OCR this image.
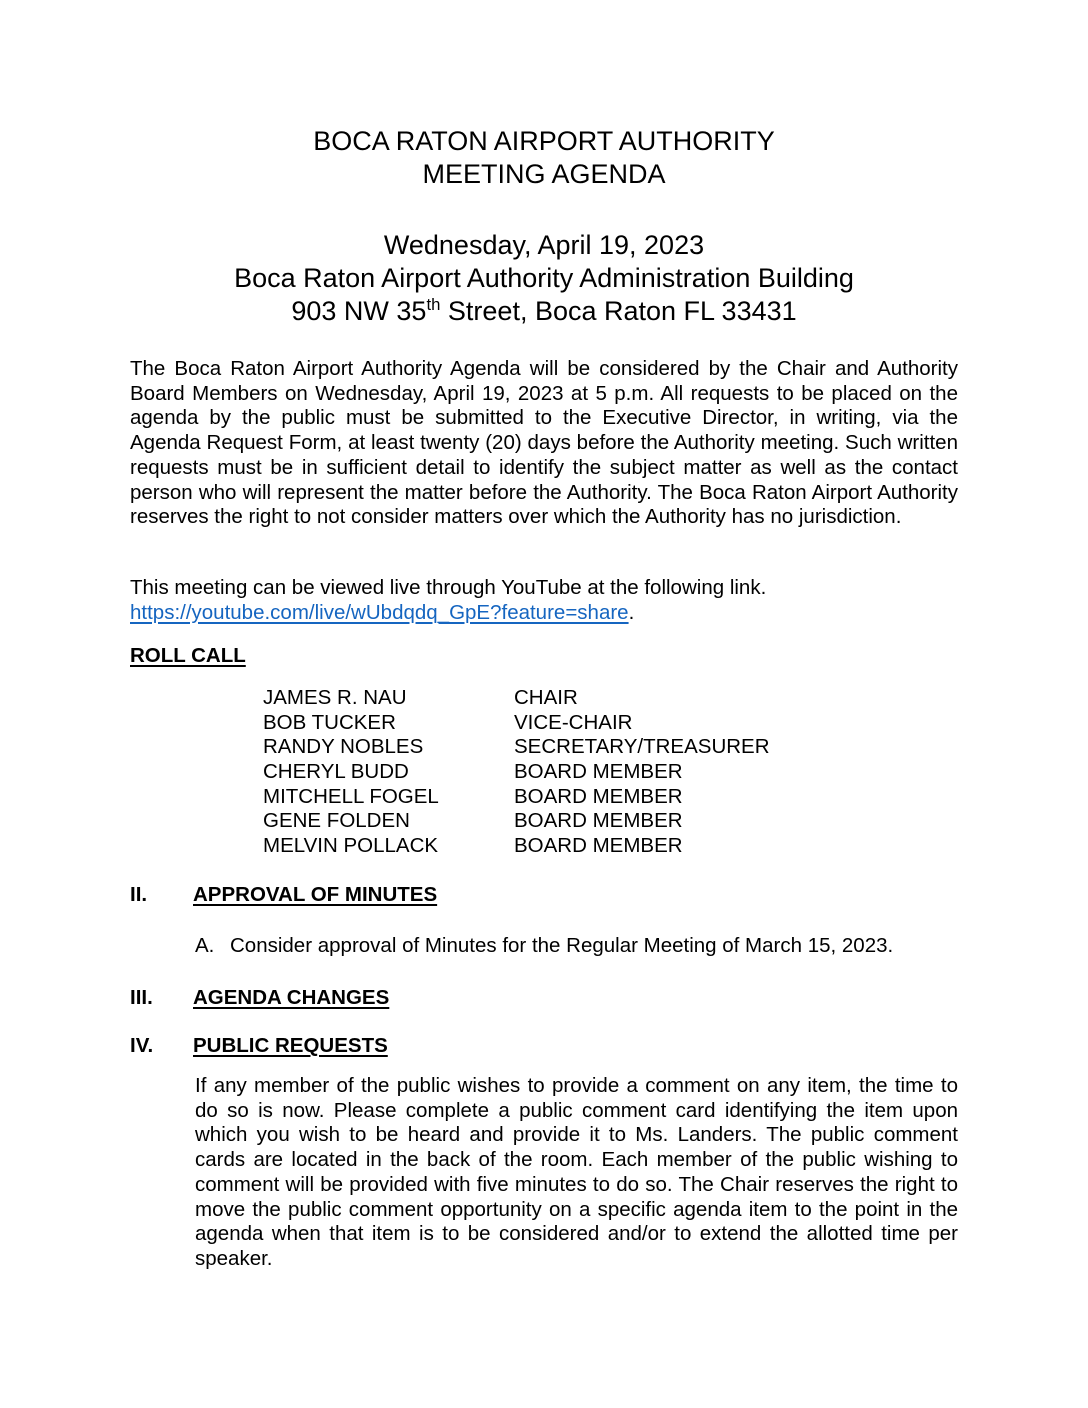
BOCA RATON AIRPORT AUTHORITY
MEETING AGENDA
Wednesday, April 19, 2023
Boca Raton Airport Authority Administration Building
903 NW 35th Street, Boca Raton FL 33431
The Boca Raton Airport Authority Agenda will be considered by the Chair and Authority Board Members on Wednesday, April 19, 2023 at 5 p.m. All requests to be placed on the agenda by the public must be submitted to the Executive Director, in writing, via the Agenda Request Form, at least twenty (20) days before the Authority meeting. Such written requests must be in sufficient detail to identify the subject matter as well as the contact person who will represent the matter before the Authority. The Boca Raton Airport Authority reserves the right to not consider matters over which the Authority has no jurisdiction.
This meeting can be viewed live through YouTube at the following link.
https://youtube.com/live/wUbdqdq_GpE?feature=share.
ROLL CALL
JAMES R. NAU	CHAIR
BOB TUCKER	VICE-CHAIR
RANDY NOBLES	SECRETARY/TREASURER
CHERYL BUDD	BOARD MEMBER
MITCHELL FOGEL	BOARD MEMBER
GENE FOLDEN	BOARD MEMBER
MELVIN POLLACK	BOARD MEMBER
II. APPROVAL OF MINUTES
A. Consider approval of Minutes for the Regular Meeting of March 15, 2023.
III. AGENDA CHANGES
IV. PUBLIC REQUESTS
If any member of the public wishes to provide a comment on any item, the time to do so is now. Please complete a public comment card identifying the item upon which you wish to be heard and provide it to Ms. Landers. The public comment cards are located in the back of the room. Each member of the public wishing to comment will be provided with five minutes to do so. The Chair reserves the right to move the public comment opportunity on a specific agenda item to the point in the agenda when that item is to be considered and/or to extend the allotted time per speaker.
